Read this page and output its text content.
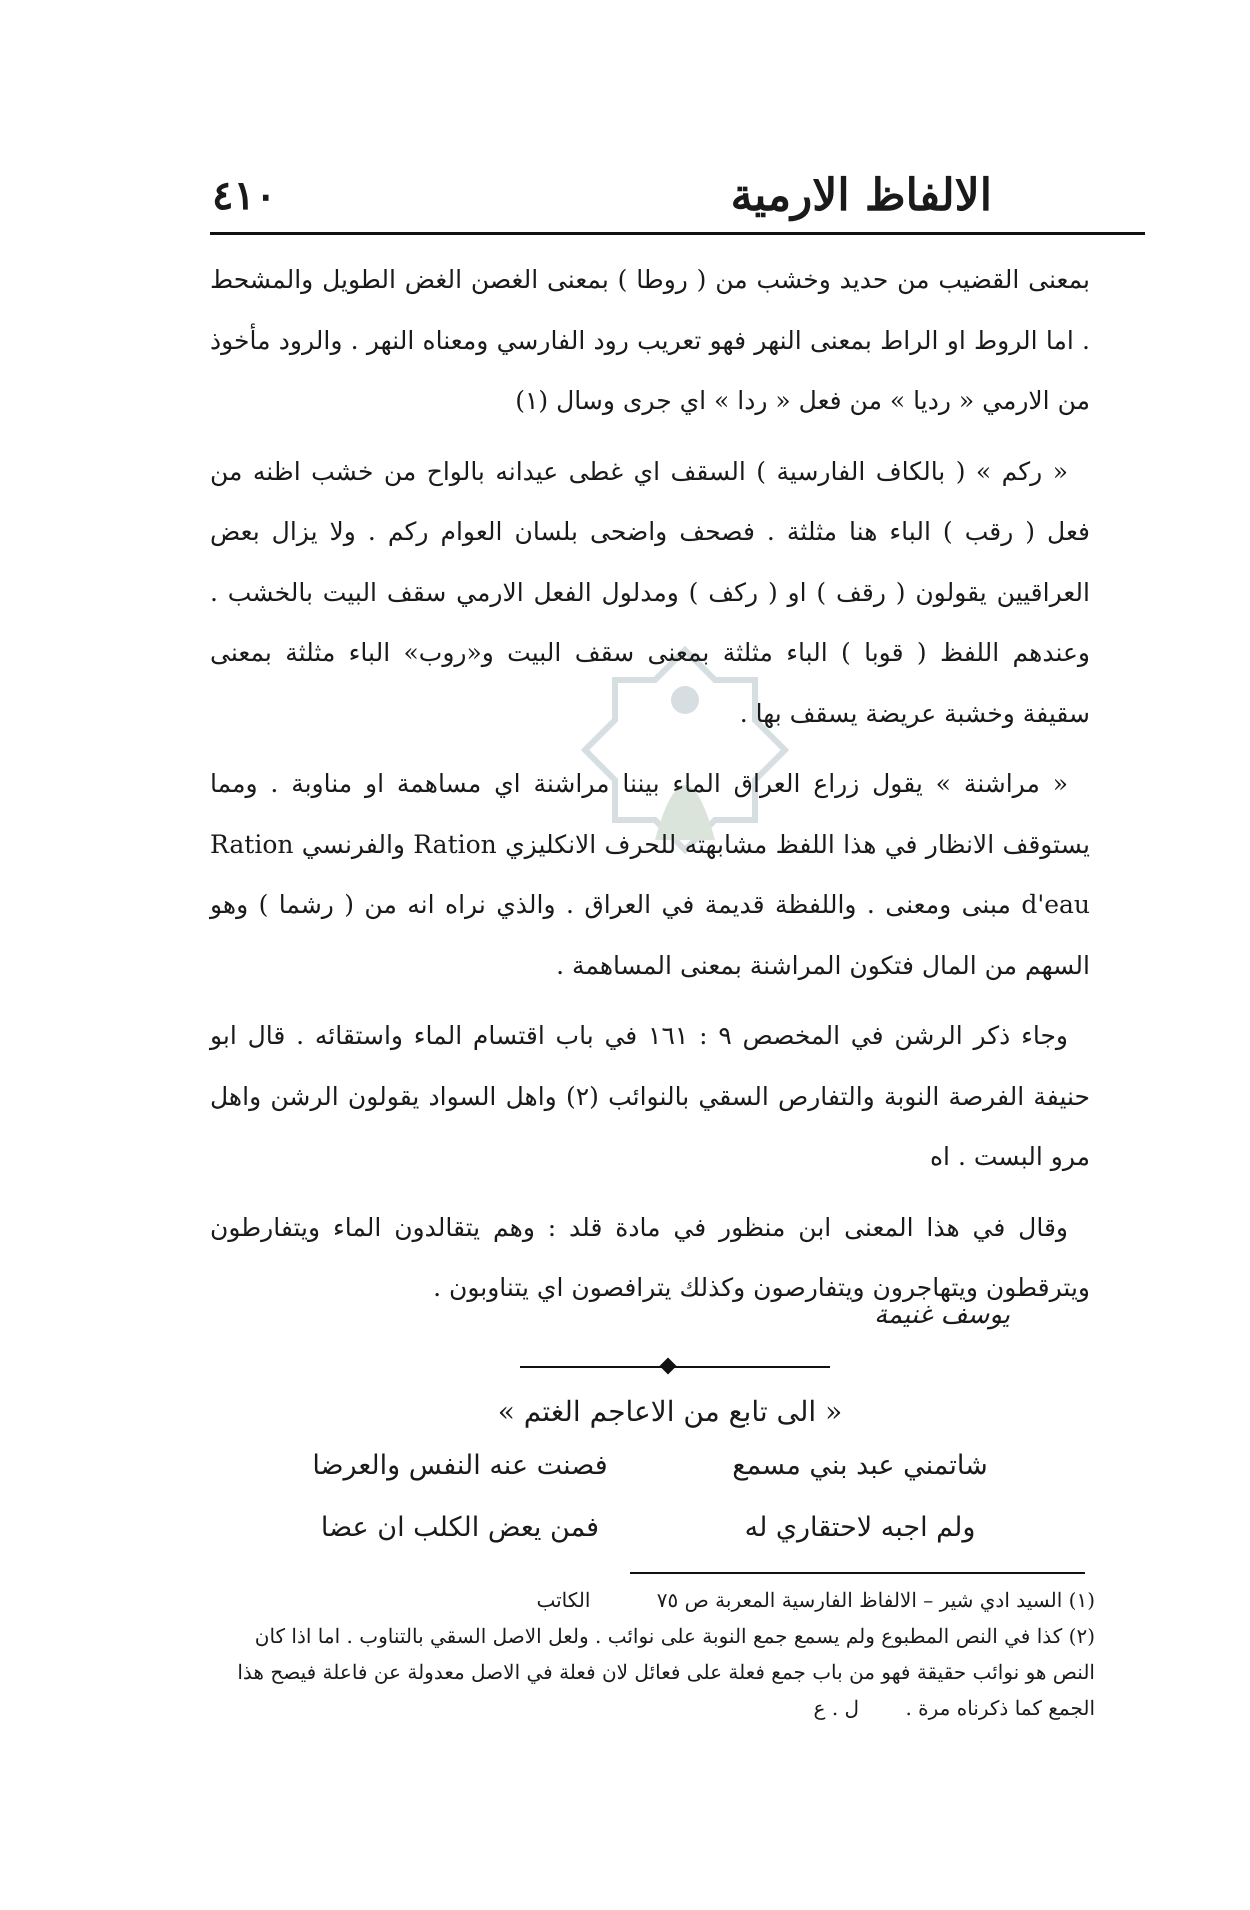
٤١٠	الالفاظ الارمية

بمعنى القضيب من حديد وخشب من ( روطا ) بمعنى الغصن الغض الطويل والمشحط . اما الروط او الراط بمعنى النهر فهو تعريب رود الفارسي ومعناه النهر . والرود مأخوذ من الارمي « رديا » من فعل « ردا » اي جرى وسال (١)

« ركم » ( بالكاف الفارسية ) السقف اي غطى عيدانه بالواح من خشب اظنه من فعل ( رقب ) الباء هنا مثلثة . فصحف واضحى بلسان العوام ركم . ولا يزال بعض العراقيين يقولون ( رقف ) او ( ركف ) ومدلول الفعل الارمي سقف البيت بالخشب . وعندهم اللفظ ( قوبا ) الباء مثلثة بمعنى سقف البيت و«روب» الباء مثلثة بمعنى سقيفة وخشبة عريضة يسقف بها .

« مراشنة » يقول زراع العراق الماء بيننا مراشنة اي مساهمة او مناوبة . ومما يستوقف الانظار في هذا اللفظ مشابهته للحرف الانكليزي Ration والفرنسي Ration d'eau مبنى ومعنى . واللفظة قديمة في العراق . والذي نراه انه من ( رشما ) وهو السهم من المال فتكون المراشنة بمعنى المساهمة .

وجاء ذكر الرشن في المخصص ٩ : ١٦١ في باب اقتسام الماء واستقائه . قال ابو حنيفة الفرصة النوبة والتفارص السقي بالنوائب (٢) واهل السواد يقولون الرشن واهل مرو البست . اه

وقال في هذا المعنى ابن منظور في مادة قلد : وهم يتقالدون الماء ويتفارطون ويترقطون ويتهاجرون ويتفارصون وكذلك يترافصون اي يتناوبون .

يوسف غنيمة
« الى تابع من الاعاجم الغتم »
شاتمني عبد بني مسمع
فصنت عنه النفس والعرضا
ولم اجبه لاحتقاري له
فمن يعض الكلب ان عضا

(١) السيد ادي شير – الالفاظ الفارسية المعربة ص ٧٥ الكاتب

(٢) كذا في النص المطبوع ولم يسمع جمع النوبة على نوائب . ولعل الاصل السقي بالتناوب . اما اذا كان النص هو نوائب حقيقة فهو من باب جمع فعلة على فعائل لان فعلة في الاصل معدولة عن فاعلة فيصح هذا الجمع كما ذكرناه مرة . ل . ع
